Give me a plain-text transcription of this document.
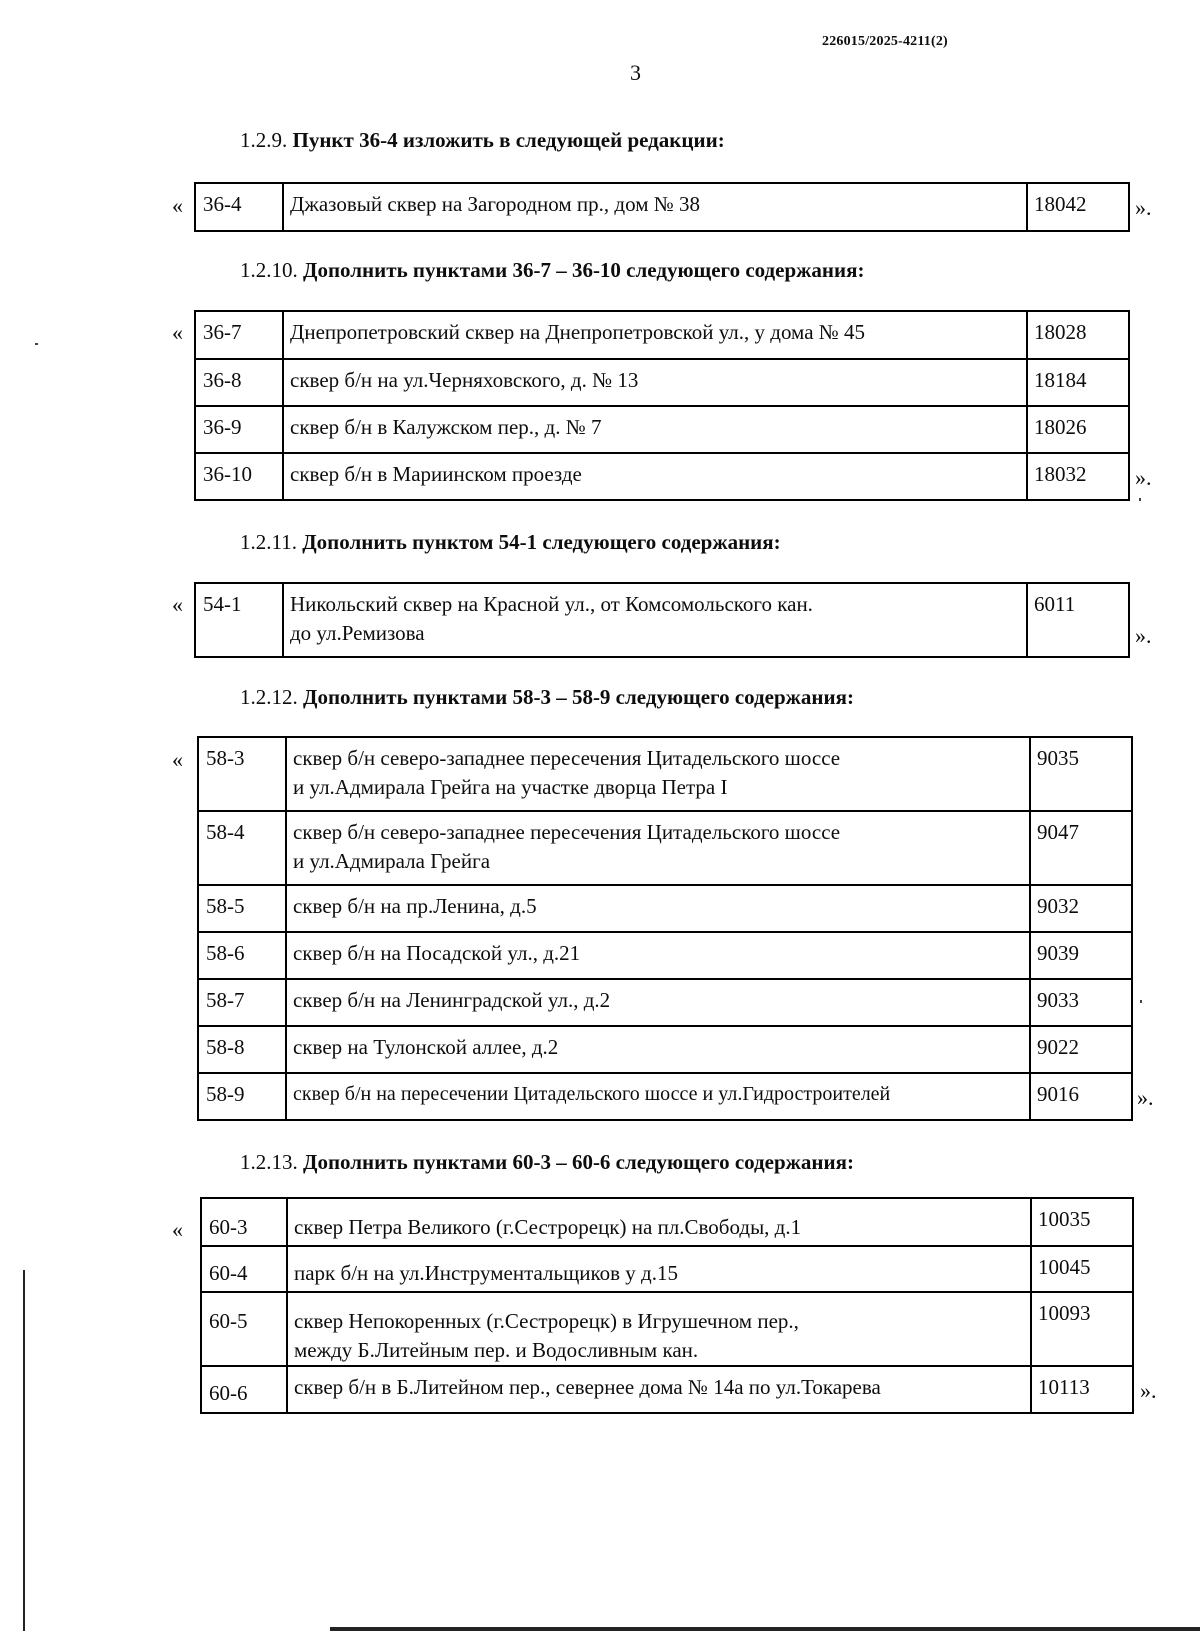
226015/2025-4211(2)
3
1.2.9. Пункт 36-4 изложить в следующей редакции:
« 36-4	Джазовый сквер на Загородном пр., дом № 38	18042 ».
1.2.10. Дополнить пунктами 36-7 – 36-10 следующего содержания:
« 36-7	Днепропетровский сквер на Днепропетровской ул., у дома № 45	18028
36-8	сквер б/н на ул.Черняховского, д. № 13	18184
36-9	сквер б/н в Калужском пер., д. № 7	18026
36-10	сквер б/н в Мариинском проезде	18032 ».
1.2.11. Дополнить пунктом 54-1 следующего содержания:
« 54-1	Никольский сквер на Красной ул., от Комсомольского кан.
до ул.Ремизова
	6011
».
1.2.12. Дополнить пунктами 58-3 – 58-9 следующего содержания:
« 58-3	сквер б/н северо-западнее пересечения Цитадельского шоссе
и ул.Адмирала Грейга на участке дворца Петра I	9035
58-4	сквер б/н северо-западнее пересечения Цитадельского шоссе
и ул.Адмирала Грейга	9047
58-5	сквер б/н на пр.Ленина, д.5	9032
58-6	сквер б/н на Посадской ул., д.21	9039
58-7	сквер б/н на Ленинградской ул., д.2	9033
58-8	сквер на Тулонской аллее, д.2	9022
58-9	сквер б/н на пересечении Цитадельского шоссе и ул.Гидростроителей	9016	».
1.2.13. Дополнить пунктами 60-3 – 60-6 следующего содержания:
« 60-3	сквер Петра Великого (г.Сестрорецк) на пл.Свободы, д.1	10035
60-4	парк б/н на ул.Инструментальщиков у д.15	10045
60-5	сквер Непокоренных (г.Сестрорецк) в Игрушечном пер.,
между Б.Литейным пер. и Водосливным кан.	10093
60-6	сквер б/н в Б.Литейном пер., севернее дома № 14а по ул.Токарева	10113 ».
